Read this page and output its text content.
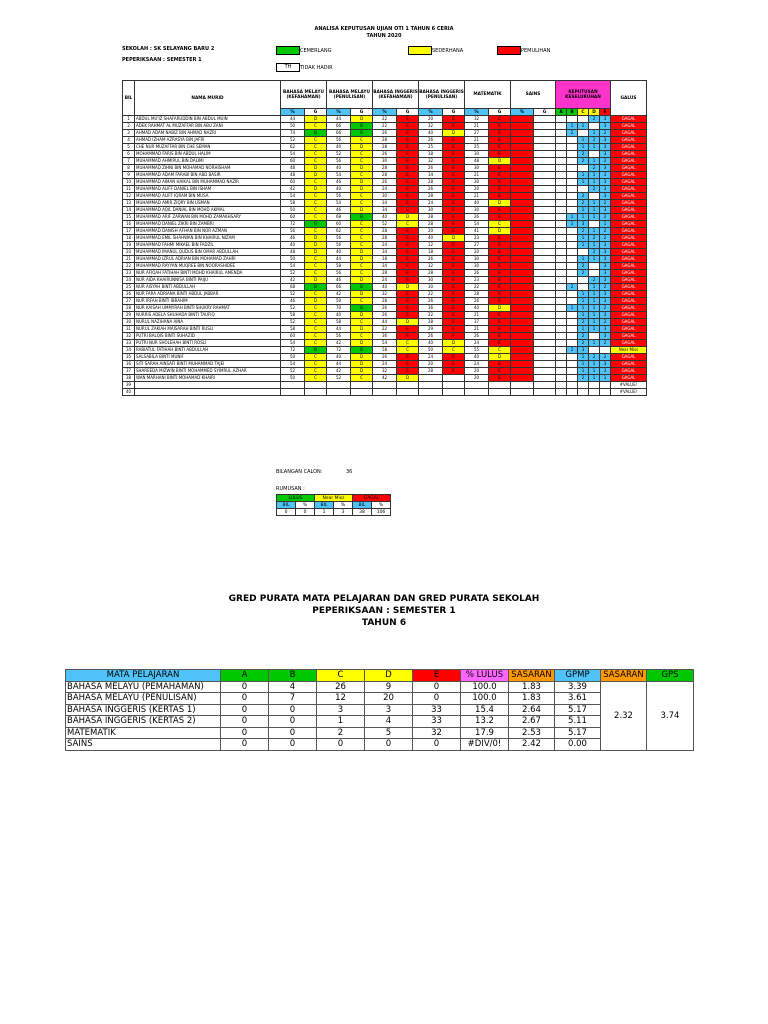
ANALISA KEPUTUSAN UJIAN OTI 1 TAHUN 6 CERIA
TAHUN 2020
SEKOLAH : SK SELAYANG BARU 2
PEPERIKSAAN : SEMESTER 1
CEMERLANG	SEDERHANA	PEMULIHAN
TH	TIDAK HADIR
BIL	NAMA MURID	BAHASA MELAYU (KEFAHAMAN)		BAHASA MELAYU (PENULISAN)		BAHASA INGGERIS (KEFAHAMAN)		BAHASA INGGERIS (PENULISAN)		MATEMATIK		SAINS		KEPUTUSAN KESELURUHAN					GALUS
		%	G	%	G	%	G	%	G	%	G	%	G	A	B	C	D	E	
1	ABDUL MU'IZ SHAFARUDDIN BIN ABDUL MUIN	44	D	44	D	22	E	20	E	32	E						2	3	GAGAL
2	ADEK RAHMAT AL MUZAFFAR BIN ABU ZANI	50	C	66	B	22	E	32	E	21	E				1	1		3	GAGAL
3	AHMAD ADAM NABIZ BIN AHMAD NAZRI	74	B	66	B	26	E	40	D	27	E				2		1	2	GAGAL
4	AHMAD IZHAM AZRASYA BIN JAFRI	52	C	56	C	28	E	26	E	21	E					1	2	3	GAGAL
5	CHE NUR MUZAFFAR BIN CHE SEMAN	62	C	40	D	28	E	25	E	25	E					1	1	3	GAGAL
6	MOHAMMAD FARIS BIN ABDUL HALIM	54	C	52	C	26	E	18	E	30	E					2		3	GAGAL
7	MUHAMMAD AHMIRUL BIN DALIMI	60	C	56	C	30	E	32	E	48	D					2	1	2	GAGAL
8	MUHAMMAD ZIHNI BIN MOHAMAD NORHISHAM	48	D	40	D	28	E	26	E	30	E						2	3	GAGAL
9	MUHAMMAD ADAM FARABI BIN ABD BASIR	48	D	54	C	28	E	34	E	21	E					1	1	3	GAGAL
10	MUHAMMAD AIMAN HAIKAL BIN MUHAMMAD NAZIR	60	C	46	D	26	E	28	E	30	E					1	1	3	GAGAL
11	MUHAMMAD ALIFF DANIEL BIN ISHAM	42	D	40	D	24	E	26	E	20	E						2	3	GAGAL
12	MUHAMMAD ALIFF IQRAM BIN MUSA	54	C	56	C	30	E	28	E	21	E					2		3	GAGAL
13	MUHAMMAD AMIR ZIQRY BIN USMAN	58	C	54	C	34	E	24	E	40	D					2	1	2	GAGAL
14	MUHAMMAD AQIL DANIAL BIN MOHD AKMAL	50	C	46	D	34	E	30	E	30	E					1	1	3	GAGAL
15	MUHAMMAD ARIF ZARWAN BIN MOHD ZAMAKHSARY	60	C	68	B	40	D	28	E	26	E				1	1	1	2	GAGAL
16	MUHAMMAD DANIEL ZIKRI BIN ZAMBRI	72	B	60	C	52	C	28	E	54	C				1	3		1	GAGAL
17	MUHAMMAD DANISH AFHAN BIN NOR AZMAN	56	C	62	C	28	E	20	E	41	D					2	1	2	GAGAL
18	MUHAMMAD EMIL SHAHWAN BIN KHAIRUL NIZAM	46	D	56	C	28	E	40	D	23	E					1	2	2	GAGAL
19	MUHAMMAD FAHMI MIKAEL BIN FADZIL	40	D	56	C	24	E	12	E	27	E					1	1	3	GAGAL
20	MUHAMMAD IMANUL QUDUS BIN OMAR ABDULLAH	48	D	40	D	34	E	18	E	20	E						2	3	GAGAL
21	MUHAMMAD IZRUL ADRIAN BIN MOHAMAD ZAHRI	50	C	44	D	18	E	26	E	30	E					1	1	3	GAGAL
22	MUHAMMAD RAYYAN MUQREE BIN NOORASHIDEE	54	C	58	C	34	E	12	E	30	E					2		3	GAGAL
23	NUR AFIQAH FATIHAH BINTI MOHD KHAIRUL AMENDA	52	C	56	C	28	E	28	E	26	E					2		3	GAGAL
24	NUR AIDA KHAIRUNNISA BINTI PAIJU	42	D	46	D	24	E	30	E	23	E						2	3	GAGAL
25	NUR AISYAH BINTI ABDULLAH	68	B	66	B	40	D	30	E	22	E				2		1	2	GAGAL
26	NUR FARA ADRIANA BINTI ABDUL JABBAR	52	C	42	D	32	E	22	E	28	E					1	1	3	GAGAL
27	NUR IRFAH BINTI IBRAHIM	46	D	50	C	28	E	26	E	26	E					1	1	3	GAGAL
28	NUR KAISAH UMMYRAH BINTI SHUKRY RAHMAT	52	C	70	B	26	E	36	E	40	D				1	1	1	2	GAGAL
29	NURRIS ADELA SHUHADA BINTI TAUFIQ	58	C	40	D	26	E	22	E	21	E					1	1	3	GAGAL
30	NURUL NAZIHANA AINA	52	C	58	C	44	D	28	E	37	E					2	1	2	GAGAL
31	NURUL ZAKIAH MAISARAH BINTI RUSLI	58	C	44	D	22	E	29	E	21	E					1	1	3	GAGAL
32	PUTRI BALQIS BINTI SUHAZID	60	C	56	C	36	E	26	E	26	E					2		3	GAGAL
33	PUTRI NUR SHOLEHAH BINTI ROSLI	54	C	42	D	54	C	40	D	24	E					2	1	2	GAGAL
34	RABIATUL FATIHAH BINTI ABDULLAH	72	B	72	B	58	C	50	C	55	C				2	3			Near Miss
35	SALSABILA BINTI MUNIF	50	C	40	D	26	E	24	E	40	D					1	2	2	GAGAL
36	SITI SARAH AINSAFI BINTI MUHAMMAD TAJEI	54	C	44	D	24	E	20	E	24	E					1	1	3	GAGAL
37	SHAREEDA MIZWIN BINTI MOHAMMED SYIMRUL AZHAR	52	C	42	D	32	E	28	E	20	E					1	1	3	GAGAL
38	WAN MARHANI BINTI MOHAMAD KHAIRI	50	C	52	C	42	D			20	E					2	1	1	GAGAL
39																			#VALUE!
40																			#VALUE!
BILANGAN CALON:	36
RUMUSAN :
LULUS		Near Miss		GAGAL	
BIL	%	BIL	%	BIL	%
0	0	1	3	38	106
GRED PURATA MATA PELAJARAN DAN GRED PURATA SEKOLAH
PEPERIKSAAN : SEMESTER 1
TAHUN 6
MATA PELAJARAN	A	B	C	D	E	% LULUS	SASARAN	GPMP	SASARAN	GPS
BAHASA MELAYU (PEMAHAMAN)	0	4	26	9	0	100.0	1.83	3.39	2.32	3.74
BAHASA MELAYU (PENULISAN)	0	7	12	20	0	100.0	1.83	3.61		
BAHASA INGGERIS (KERTAS 1)	0	0	3	3	33	15.4	2.64	5.17		
BAHASA INGGERIS (KERTAS 2)	0	0	1	4	33	13.2	2.67	5.11		
MATEMATIK	0	0	2	5	32	17.9	2.53	5.17		
SAINS	0	0	0	0	0	#DIV/0!	2.42	0.00		
